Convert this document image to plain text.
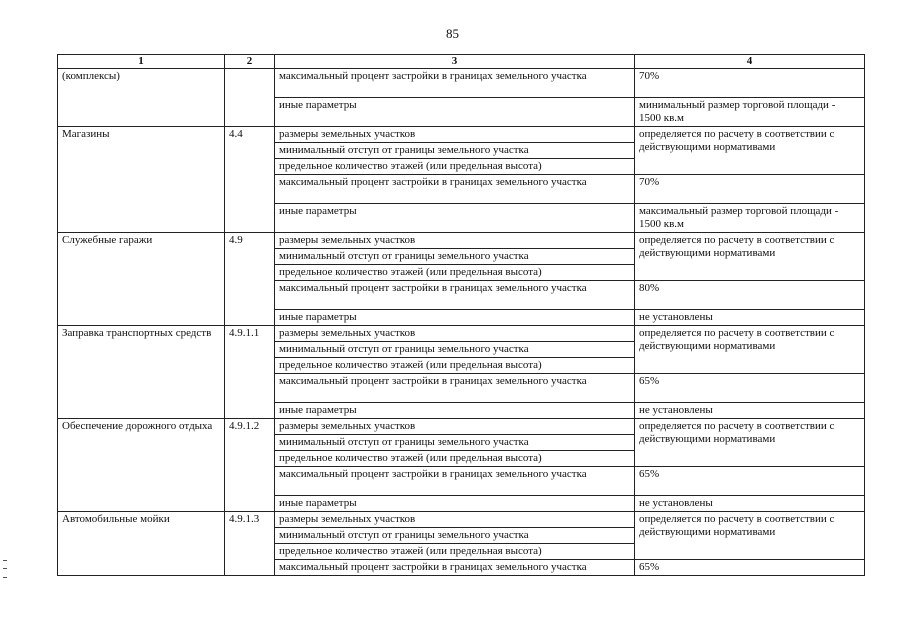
85
1	2	3	4
(комплексы)		максимальный процент застройки в границах земельного участка	70%
		иные параметры	минимальный размер торговой площади - 1500 кв.м
Магазины	4.4	размеры земельных участков	определяется по расчету в соответствии с действующими нормативами
		минимальный отступ от границы земельного участка	
		предельное количество этажей (или предельная высота)	
		максимальный процент застройки в границах земельного участка	70%
		иные параметры	максимальный размер торговой площади - 1500 кв.м
Служебные гаражи	4.9	размеры земельных участков	определяется по расчету в соответствии с действующими нормативами
		минимальный отступ от границы земельного участка	
		предельное количество этажей (или предельная высота)	
		максимальный процент застройки в границах земельного участка	80%
		иные параметры	не установлены
Заправка транспортных средств	4.9.1.1	размеры земельных участков	определяется по расчету в соответствии с действующими нормативами
		минимальный отступ от границы земельного участка	
		предельное количество этажей (или предельная высота)	
		максимальный процент застройки в границах земельного участка	65%
		иные параметры	не установлены
Обеспечение дорожного отдыха	4.9.1.2	размеры земельных участков	определяется по расчету в соответствии с действующими нормативами
		минимальный отступ от границы земельного участка	
		предельное количество этажей (или предельная высота)	
		максимальный процент застройки в границах земельного участка	65%
		иные параметры	не установлены
Автомобильные мойки	4.9.1.3	размеры земельных участков	определяется по расчету в соответствии с действующими нормативами
		минимальный отступ от границы земельного участка	
		предельное количество этажей (или предельная высота)	
		максимальный процент застройки в границах земельного участка	65%
